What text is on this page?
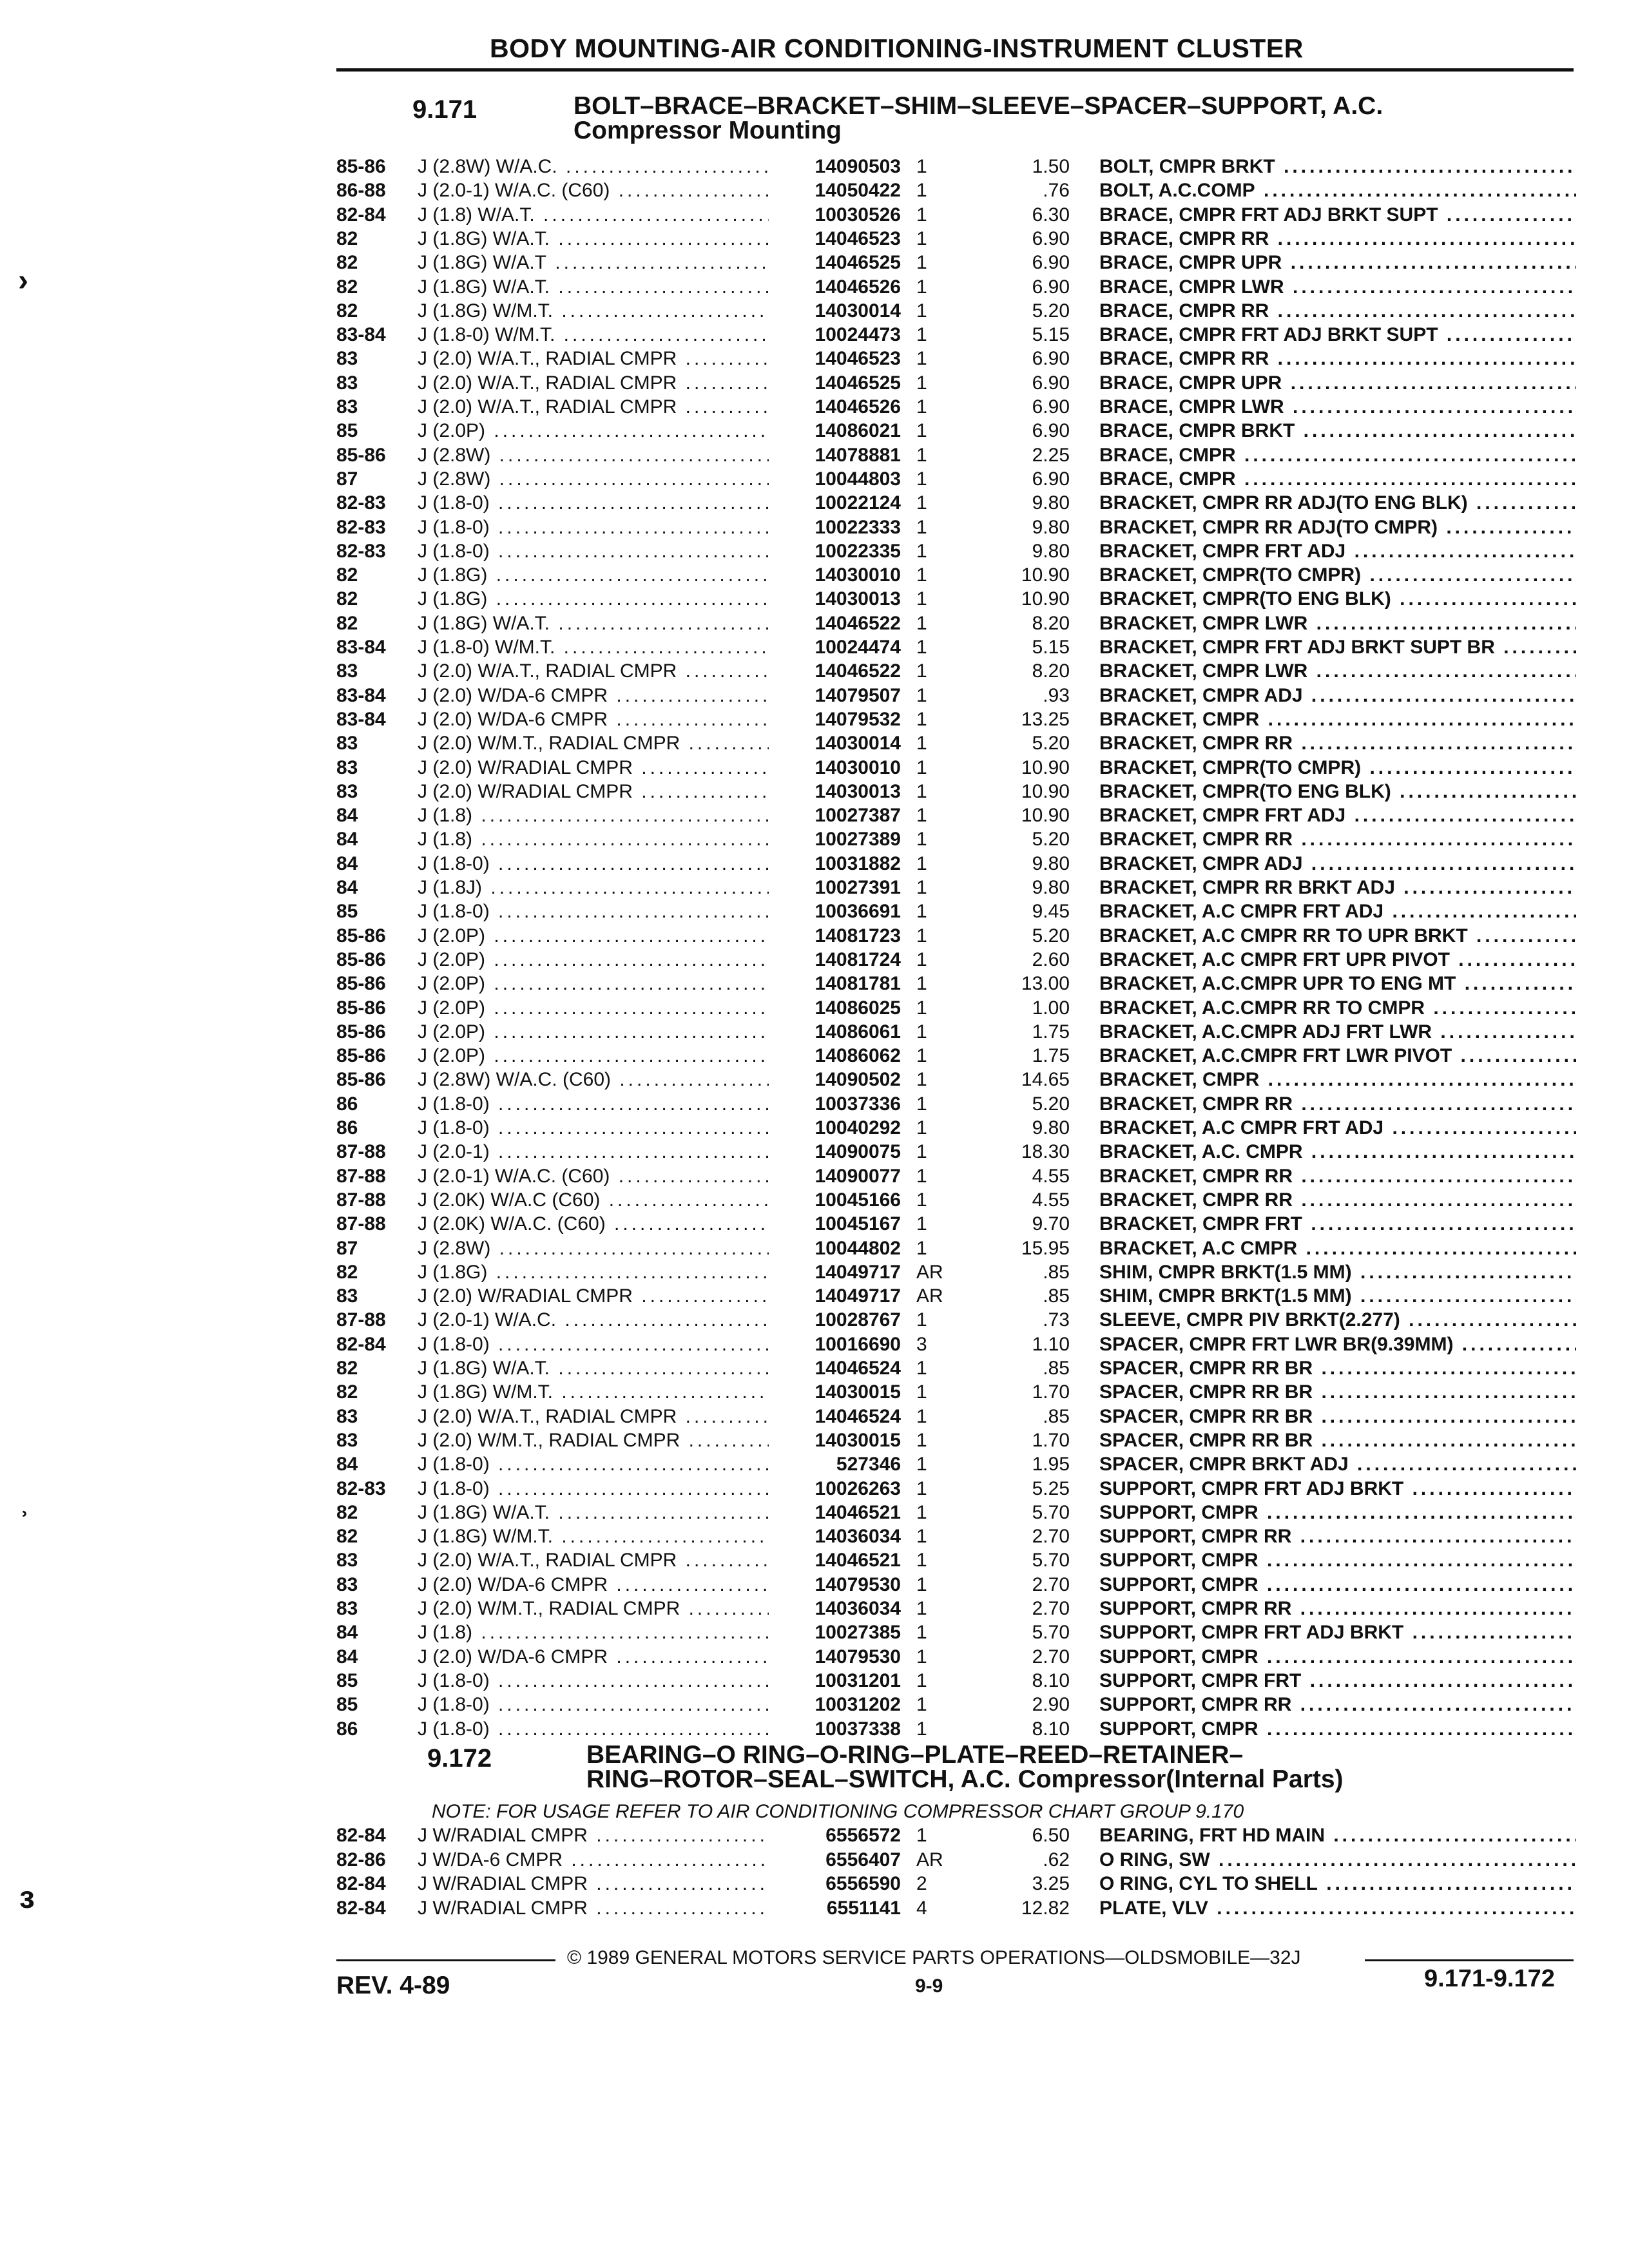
BODY MOUNTING-AIR CONDITIONING-INSTRUMENT CLUSTER
9.171	BOLT–BRACE–BRACKET–SHIM–SLEEVE–SPACER–SUPPORT, A.C.
Compressor Mounting
85-86 J (2.8W) W/A.C. .....	14090503 1	1.50 BOLT, CMPR BRKT .....
86-88 J (2.0-1) W/A.C. (C60) .....	14050422 1	.76 BOLT, A.C.COMP .....
82-84 J (1.8) W/A.T. .....	10030526 1	6.30 BRACE, CMPR FRT ADJ BRKT SUPT .....
82	J (1.8G) W/A.T. .....	14046523 1	6.90 BRACE, CMPR RR .....
82	J (1.8G) W/A.T .....	14046525 1	6.90 BRACE, CMPR UPR .....
82	J (1.8G) W/A.T. .....	14046526 1	6.90 BRACE, CMPR LWR .....
82	J (1.8G) W/M.T. .....	14030014 1	5.20 BRACE, CMPR RR .....
83-84 J (1.8-0) W/M.T. .....	10024473 1	5.15 BRACE, CMPR FRT ADJ BRKT SUPT .....
83	J (2.0) W/A.T., RADIAL CMPR .....	14046523 1	6.90 BRACE, CMPR RR .....
83	J (2.0) W/A.T., RADIAL CMPR .....	14046525 1	6.90 BRACE, CMPR UPR .....
83	J (2.0) W/A.T., RADIAL CMPR .....	14046526 1	6.90 BRACE, CMPR LWR .....
85	J (2.0P) .....	14086021 1	6.90 BRACE, CMPR BRKT .....
85-86 J (2.8W) .....	14078881 1	2.25 BRACE, CMPR .....
87	J (2.8W) .....	10044803 1	6.90 BRACE, CMPR .....
82-83 J (1.8-0) .....	10022124 1	9.80 BRACKET, CMPR RR ADJ(TO ENG BLK) .....
82-83 J (1.8-0) .....	10022333 1	9.80 BRACKET, CMPR RR ADJ(TO CMPR) .....
82-83 J (1.8-0) .....	10022335 1	9.80 BRACKET, CMPR FRT ADJ .....
82	J (1.8G) .....	14030010 1	10.90 BRACKET, CMPR(TO CMPR) .....
82	J (1.8G) .....	14030013 1	10.90 BRACKET, CMPR(TO ENG BLK) .....
82	J (1.8G) W/A.T. .....	14046522 1	8.20 BRACKET, CMPR LWR .....
83-84 J (1.8-0) W/M.T. .....	10024474 1	5.15 BRACKET, CMPR FRT ADJ BRKT SUPT BR .....
83	J (2.0) W/A.T., RADIAL CMPR .....	14046522 1	8.20 BRACKET, CMPR LWR .....
83-84 J (2.0) W/DA-6 CMPR .....	14079507 1	.93 BRACKET, CMPR ADJ .....
83-84 J (2.0) W/DA-6 CMPR .....	14079532 1	13.25 BRACKET, CMPR .....
83	J (2.0) W/M.T., RADIAL CMPR .....	14030014 1	5.20 BRACKET, CMPR RR .....
83	J (2.0) W/RADIAL CMPR .....	14030010 1	10.90 BRACKET, CMPR(TO CMPR) .....
83	J (2.0) W/RADIAL CMPR .....	14030013 1	10.90 BRACKET, CMPR(TO ENG BLK) .....
84	J (1.8) .....	10027387 1	10.90 BRACKET, CMPR FRT ADJ .....
84	J (1.8) .....	10027389 1	5.20 BRACKET, CMPR RR .....
84	J (1.8-0) .....	10031882 1	9.80 BRACKET, CMPR ADJ .....
84	J (1.8J) .....	10027391 1	9.80 BRACKET, CMPR RR BRKT ADJ .....
85	J (1.8-0) .....	10036691 1	9.45 BRACKET, A.C CMPR FRT ADJ .....
85-86 J (2.0P) .....	14081723 1	5.20 BRACKET, A.C CMPR RR TO UPR BRKT .....
85-86 J (2.0P) .....	14081724 1	2.60 BRACKET, A.C CMPR FRT UPR PIVOT .....
85-86 J (2.0P) .....	14081781 1	13.00 BRACKET, A.C.CMPR UPR TO ENG MT .....
85-86 J (2.0P) .....	14086025 1	1.00 BRACKET, A.C.CMPR RR TO CMPR .....
85-86 J (2.0P) .....	14086061 1	1.75 BRACKET, A.C.CMPR ADJ FRT LWR .....
85-86 J (2.0P) .....	14086062 1	1.75 BRACKET, A.C.CMPR FRT LWR PIVOT .....
85-86 J (2.8W) W/A.C. (C60) .....	14090502 1	14.65 BRACKET, CMPR .....
86	J (1.8-0) .....	10037336 1	5.20 BRACKET, CMPR RR .....
86	J (1.8-0) .....	10040292 1	9.80 BRACKET, A.C CMPR FRT ADJ .....
87-88 J (2.0-1) .....	14090075 1	18.30 BRACKET, A.C. CMPR .....
87-88 J (2.0-1) W/A.C. (C60) .....	14090077 1	4.55 BRACKET, CMPR RR .....
87-88 J (2.0K) W/A.C (C60) .....	10045166 1	4.55 BRACKET, CMPR RR .....
87-88 J (2.0K) W/A.C. (C60) .....	10045167 1	9.70 BRACKET, CMPR FRT .....
87	J (2.8W) .....	10044802 1	15.95 BRACKET, A.C CMPR .....
82	J (1.8G) .....	14049717 AR	.85 SHIM, CMPR BRKT(1.5 MM) .....
83	J (2.0) W/RADIAL CMPR .....	14049717 AR	.85 SHIM, CMPR BRKT(1.5 MM) .....
87-88 J (2.0-1) W/A.C. .....	10028767 1	.73 SLEEVE, CMPR PIV BRKT(2.277) .....
82-84 J (1.8-0) .....	10016690 3	1.10 SPACER, CMPR FRT LWR BR(9.39MM) .....
82	J (1.8G) W/A.T. .....	14046524 1	.85 SPACER, CMPR RR BR .....
82	J (1.8G) W/M.T. .....	14030015 1	1.70 SPACER, CMPR RR BR .....
83	J (2.0) W/A.T., RADIAL CMPR .....	14046524 1	.85 SPACER, CMPR RR BR .....
83	J (2.0) W/M.T., RADIAL CMPR .....	14030015 1	1.70 SPACER, CMPR RR BR .....
84	J (1.8-0) .....	527346 1	1.95 SPACER, CMPR BRKT ADJ .....
82-83 J (1.8-0) .....	10026263 1	5.25 SUPPORT, CMPR FRT ADJ BRKT .....
82	J (1.8G) W/A.T. .....	14046521 1	5.70 SUPPORT, CMPR .....
82	J (1.8G) W/M.T. .....	14036034 1	2.70 SUPPORT, CMPR RR .....
83	J (2.0) W/A.T., RADIAL CMPR .....	14046521 1	5.70 SUPPORT, CMPR .....
83	J (2.0) W/DA-6 CMPR .....	14079530 1	2.70 SUPPORT, CMPR .....
83	J (2.0) W/M.T., RADIAL CMPR .....	14036034 1	2.70 SUPPORT, CMPR RR .....
84	J (1.8) .....	10027385 1	5.70 SUPPORT, CMPR FRT ADJ BRKT .....
84	J (2.0) W/DA-6 CMPR .....	14079530 1	2.70 SUPPORT, CMPR .....
85	J (1.8-0) .....	10031201 1	8.10 SUPPORT, CMPR FRT .....
85	J (1.8-0) .....	10031202 1	2.90 SUPPORT, CMPR RR .....
86	J (1.8-0) .....	10037338 1	8.10 SUPPORT, CMPR .....
9.172	BEARING–O RING–O-RING–PLATE–REED–RETAINER–
RING–ROTOR–SEAL–SWITCH, A.C. Compressor(Internal Parts)
NOTE: FOR USAGE REFER TO AIR CONDITIONING COMPRESSOR CHART GROUP 9.170
82-84 J W/RADIAL CMPR .....	6556572 1	6.50 BEARING, FRT HD MAIN .....
82-86 J W/DA-6 CMPR .....	6556407 AR	.62 O RING, SW .....
82-84 J W/RADIAL CMPR .....	6556590 2	3.25 O RING, CYL TO SHELL .....
82-84 J W/RADIAL CMPR .....	6551141 4	12.82 PLATE, VLV .....
© 1989 GENERAL MOTORS SERVICE PARTS OPERATIONS—OLDSMOBILE—32J
REV. 4-89	9-9	9.171-9.172
›
ʾ
ɜ
